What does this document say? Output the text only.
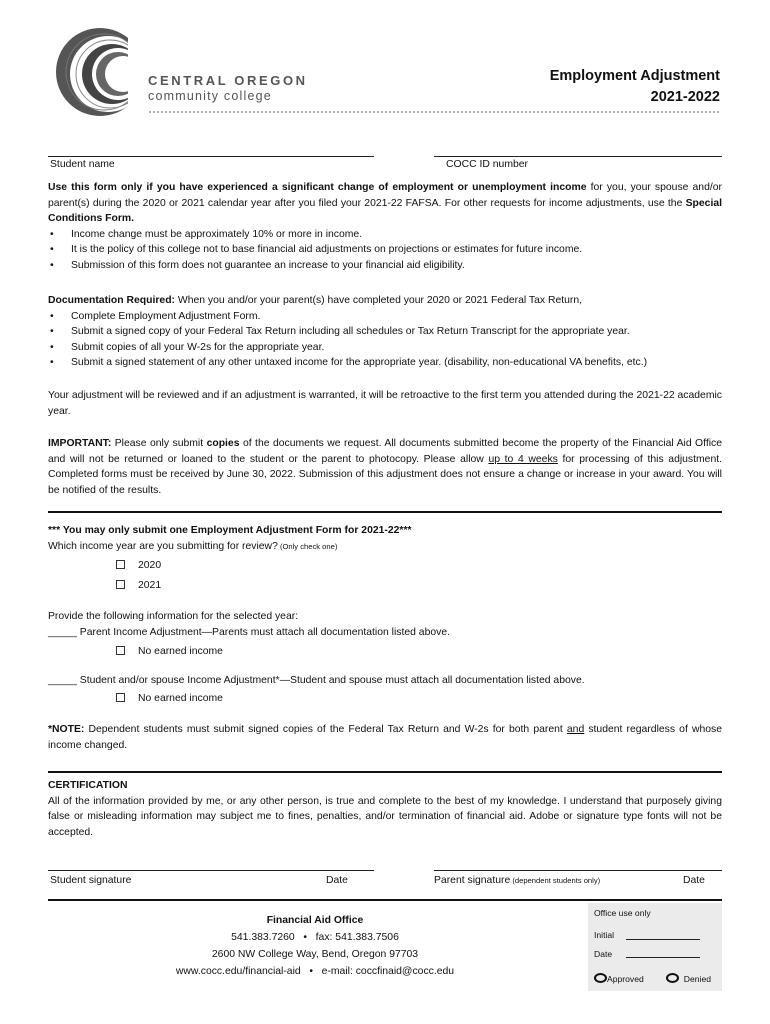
CENTRAL OREGON
community college
Employment Adjustment
2021-2022
Student name	COCC ID number

Use this form only if you have experienced a significant change of employment or unemployment income for you, your spouse and/or parent(s) during the 2020 or 2021 calendar year after you filed your 2021-22 FAFSA. For other requests for income adjustments, use the Special Conditions Form.

• Income change must be approximately 10% or more in income.
• It is the policy of this college not to base financial aid adjustments on projections or estimates for future income.
• Submission of this form does not guarantee an increase to your financial aid eligibility.

Documentation Required: When you and/or your parent(s) have completed your 2020 or 2021 Federal Tax Return,

• Complete Employment Adjustment Form.
• Submit a signed copy of your Federal Tax Return including all schedules or Tax Return Transcript for the appropriate year.
• Submit copies of all your W-2s for the appropriate year.
• Submit a signed statement of any other untaxed income for the appropriate year. (disability, non-educational VA benefits, etc.)

Your adjustment will be reviewed and if an adjustment is warranted, it will be retroactive to the first term you attended during the 2021-22 academic year.

IMPORTANT: Please only submit copies of the documents we request. All documents submitted become the property of the Financial Aid Office and will not be returned or loaned to the student or the parent to photocopy. Please allow up to 4 weeks for processing of this adjustment. Completed forms must be received by June 30, 2022. Submission of this adjustment does not ensure a change or increase in your award. You will be notified of the results.

*** You may only submit one Employment Adjustment Form for 2021-22***

Which income year are you submitting for review? (Only check one)

2020
2021

Provide the following information for the selected year:

_____ Parent Income Adjustment—Parents must attach all documentation listed above.

No earned income

_____ Student and/or spouse Income Adjustment*—Student and spouse must attach all documentation listed above.

No earned income

*NOTE: Dependent students must submit signed copies of the Federal Tax Return and W-2s for both parent and student regardless of whose income changed.

CERTIFICATION

All of the information provided by me, or any other person, is true and complete to the best of my knowledge. I understand that purposely giving false or misleading information may subject me to fines, penalties, and/or termination of financial aid. Adobe or signature type fonts will not be accepted.

Student signature	Date	Parent signature (dependent students only)	Date
Financial Aid Office
541.383.7260 • fax: 541.383.7506
2600 NW College Way, Bend, Oregon 97703
www.cocc.edu/financial-aid • e-mail: coccfinaid@cocc.edu
Office use only
Initial
Date
Approved	Denied
